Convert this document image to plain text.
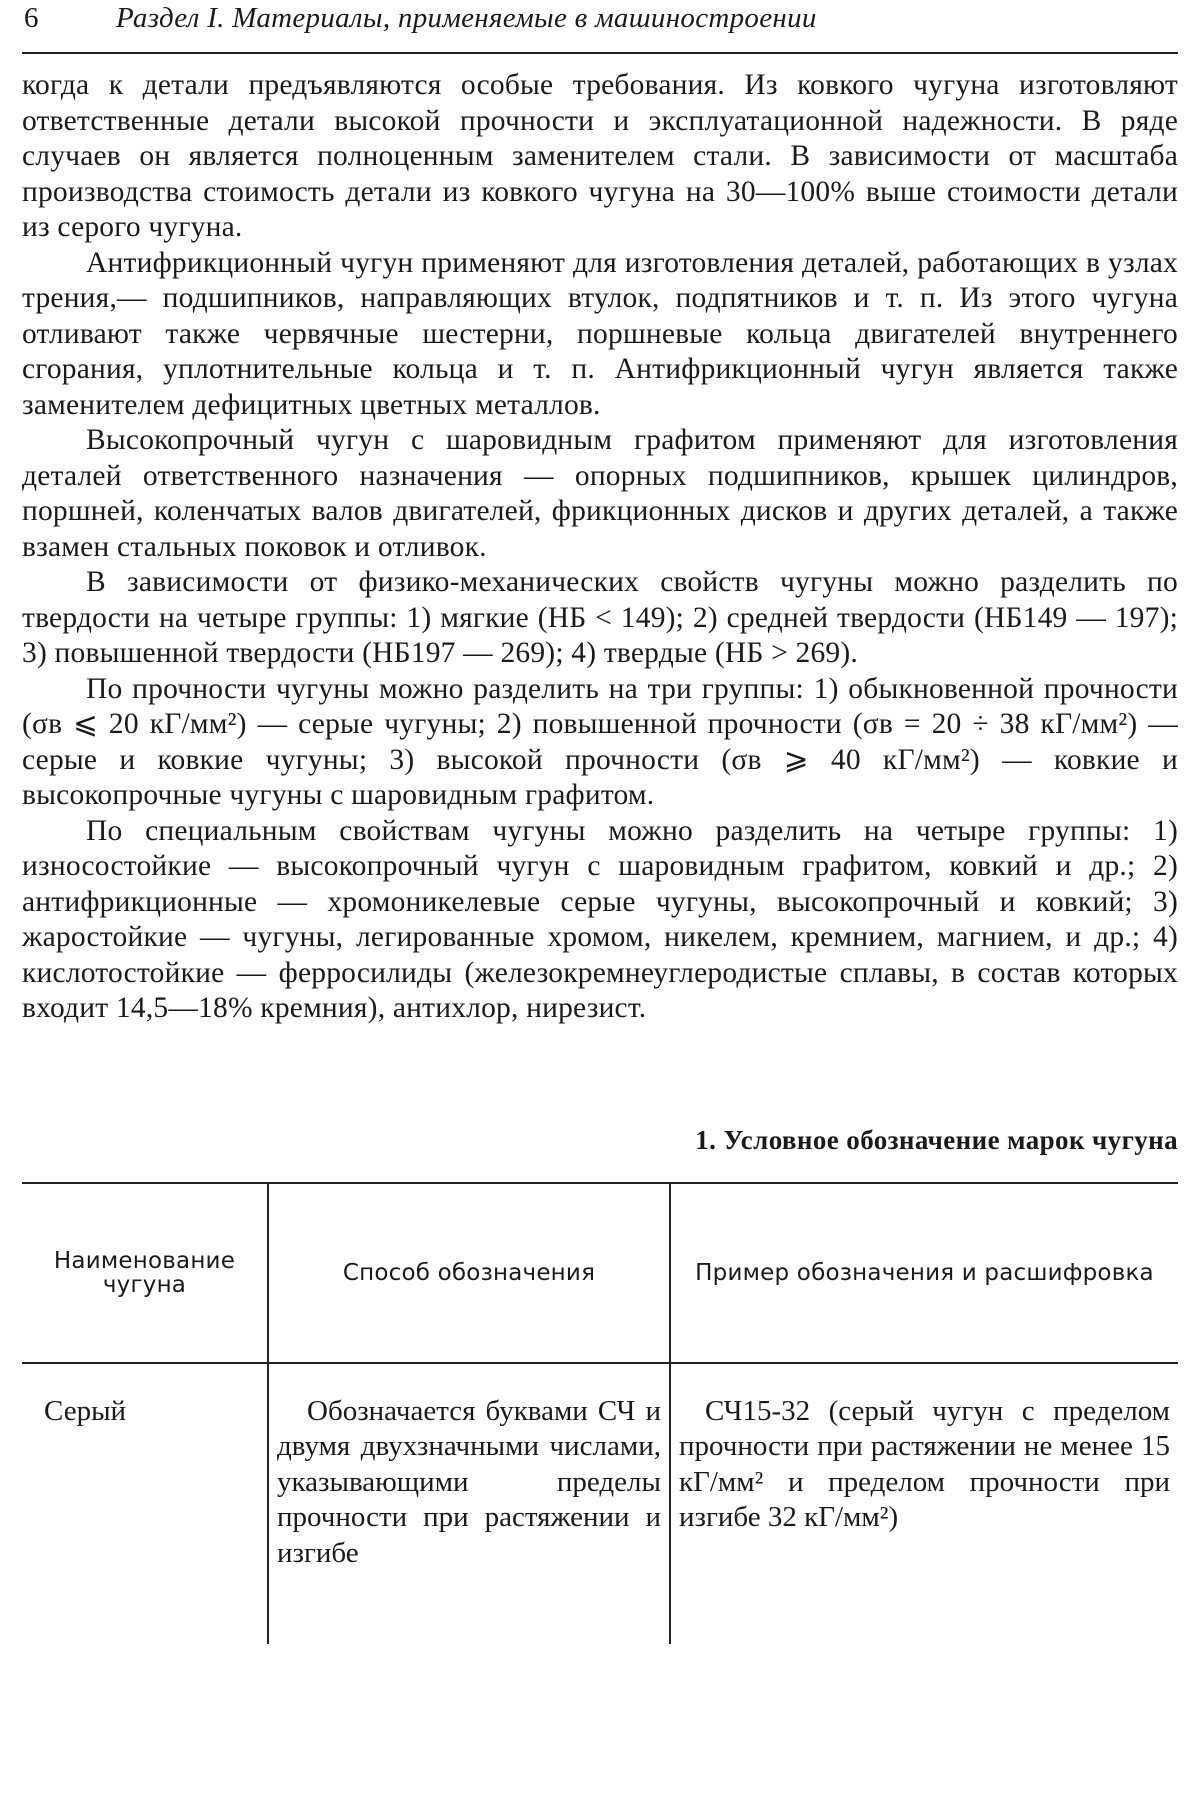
6	Раздел I. Материалы, применяемые в машиностроении

когда к детали предъявляются особые требования. Из ковкого чугуна изготовляют ответственные детали высокой прочности и эксплуатационной надежности. В ряде случаев он является полноценным заменителем стали. В зависимости от масштаба производства стоимость детали из ковкого чугуна на 30—100% выше стоимости детали из серого чугуна.

Антифрикционный чугун применяют для изготовления деталей, работающих в узлах трения,— подшипников, направляющих втулок, подпятников и т. п. Из этого чугуна отливают также червячные шестерни, поршневые кольца двигателей внутреннего сгорания, уплотнительные кольца и т. п. Антифрикционный чугун является также заменителем дефицитных цветных металлов.

Высокопрочный чугун с шаровидным графитом применяют для изготовления деталей ответственного назначения — опорных подшипников, крышек цилиндров, поршней, коленчатых валов двигателей, фрикционных дисков и других деталей, а также взамен стальных поковок и отливок.

В зависимости от физико-механических свойств чугуны можно разделить по твердости на четыре группы: 1) мягкие (НБ < 149); 2) средней твердости (НБ149 — 197); 3) повышенной твердости (НБ197 — 269); 4) твердые (НБ > 269).

По прочности чугуны можно разделить на три группы: 1) обыкновенной прочности (σв ⩽ 20 кГ/мм²) — серые чугуны; 2) повышенной прочности (σв = 20 ÷ 38 кГ/мм²) — серые и ковкие чугуны; 3) высокой прочности (σв ⩾ 40 кГ/мм²) — ковкие и высокопрочные чугуны с шаровидным графитом.

По специальным свойствам чугуны можно разделить на четыре группы: 1) износостойкие — высокопрочный чугун с шаровидным графитом, ковкий и др.; 2) антифрикционные — хромоникелевые серые чугуны, высокопрочный и ковкий; 3) жаростойкие — чугуны, легированные хромом, никелем, кремнием, магнием, и др.; 4) кислотостойкие — ферросилиды (железокремнеуглеродистые сплавы, в состав которых входит 14,5—18% кремния), антихлор, нирезист.

1. Условное обозначение марок чугуна
Наименование чугуна	Способ обозначения	Пример обозначения и расшифровка
Серый	Обозначается буквами СЧ и двумя двухзначными числами, указывающими пределы прочности при растяжении и изгибе	СЧ15-32 (серый чугун с пределом прочности при растяжении не менее 15 кГ/мм² и пределом прочности при изгибе 32 кГ/мм²)
